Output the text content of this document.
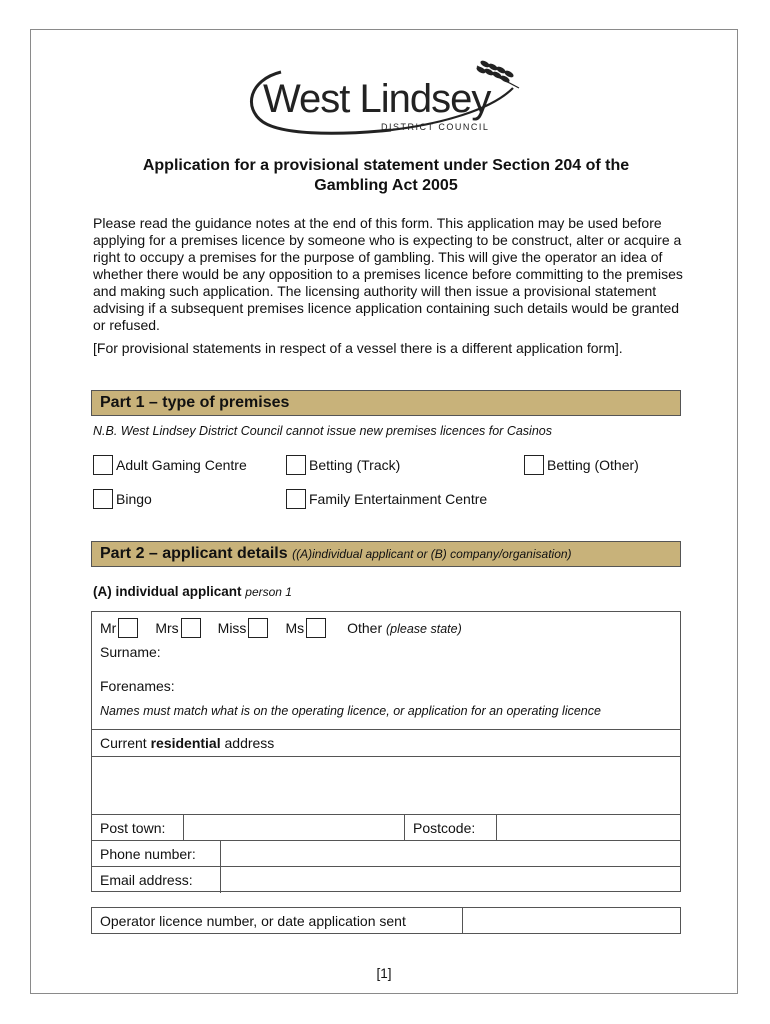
West Lindsey
DISTRICT COUNCIL
Application for a provisional statement under Section 204 of the
Gambling Act 2005

Please read the guidance notes at the end of this form. This application may be used before applying for a premises licence by someone who is expecting to be construct, alter or acquire a right to occupy a premises for the purpose of gambling. This will give the operator an idea of whether there would be any opposition to a premises licence before committing to the premises and making such application. The licensing authority will then issue a provisional statement advising if a subsequent premises licence application containing such details would be granted or refused.

[For provisional statements in respect of a vessel there is a different application form].

Part 1 – type of premises
N.B. West Lindsey District Council cannot issue new premises licences for Casinos
Adult Gaming Centre	Betting (Track)	Betting (Other)
Bingo	Family Entertainment Centre
Part 2 – applicant details ((A)individual applicant or (B) company/organisation)
(A) individual applicant person 1
Mr	Mrs	Miss	Ms	Other (please state)
Surname:
Forenames:
Names must match what is on the operating licence, or application for an operating licence
Current residential address
Post town:	Postcode:
Phone number:
Email address:
Operator licence number, or date application sent
[1]
